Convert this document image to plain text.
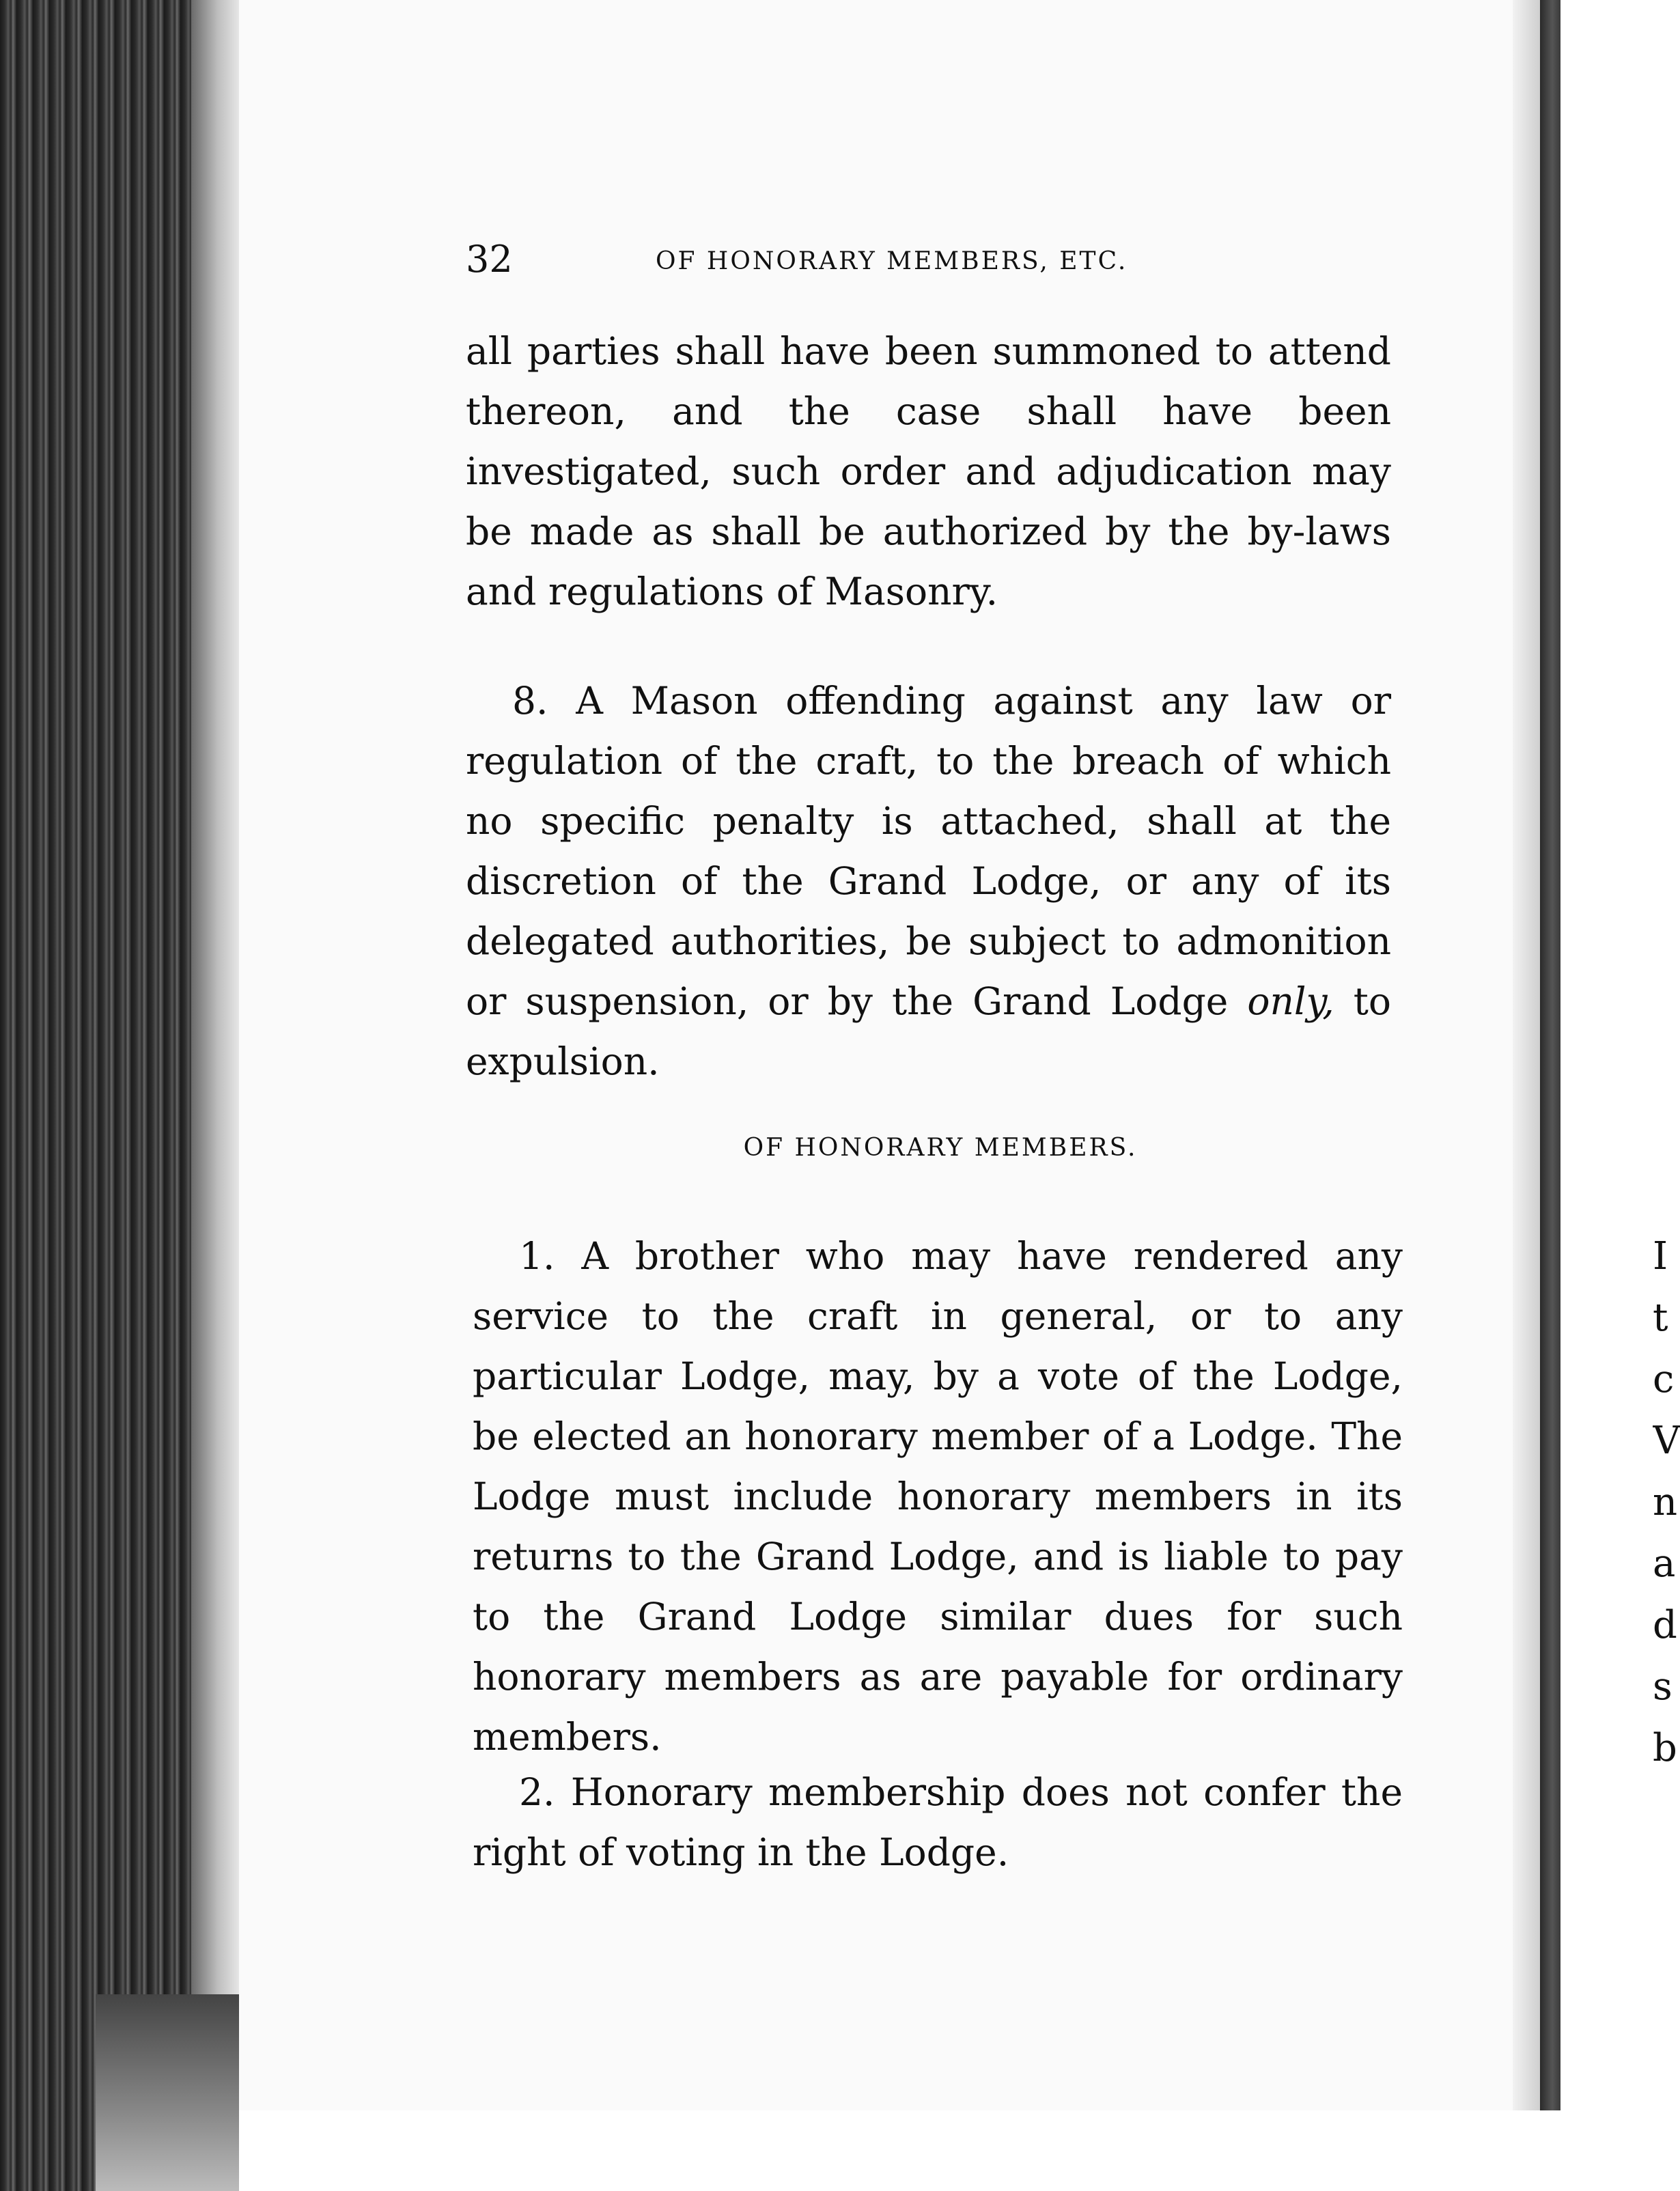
I
t
c
V
n
a
d
s
b
32	OF HONORARY MEMBERS, ETC.
all parties shall have been summoned to attend thereon, and the case shall have been investigated, such order and adjudication may be made as shall be authorized by the by-laws and regulations of Masonry.
8. A Mason offending against any law or regulation of the craft, to the breach of which no specific penalty is attached, shall at the discretion of the Grand Lodge, or any of its delegated authorities, be subject to admonition or suspension, or by the Grand Lodge only, to expulsion.
OF HONORARY MEMBERS.
1. A brother who may have rendered any service to the craft in general, or to any particular Lodge, may, by a vote of the Lodge, be elected an honorary member of a Lodge. The Lodge must include honorary members in its returns to the Grand Lodge, and is liable to pay to the Grand Lodge similar dues for such honorary members as are payable for ordinary members.
2. Honorary membership does not confer the right of voting in the Lodge.
